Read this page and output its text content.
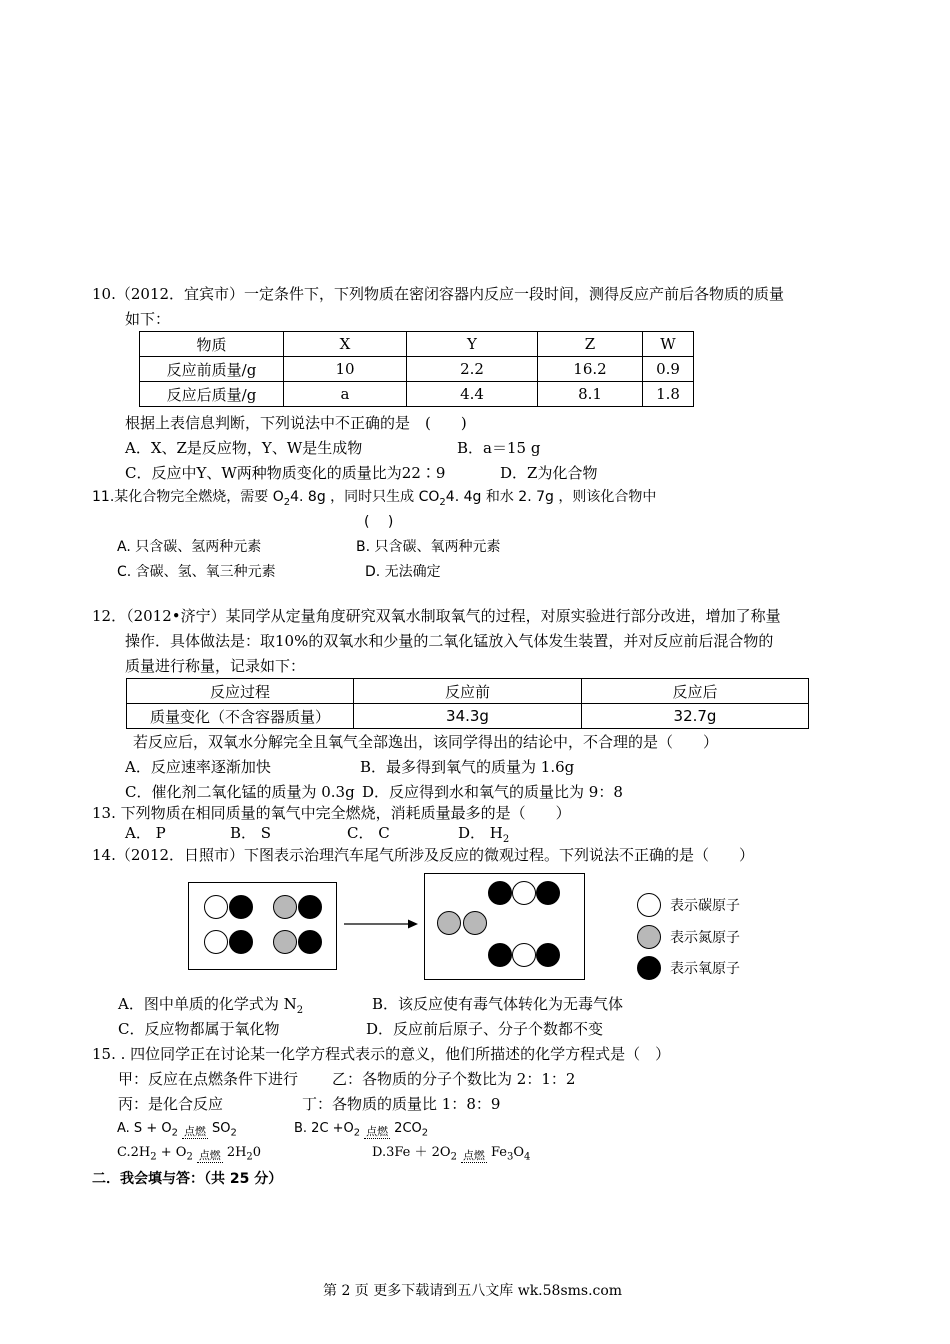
10.（2012．宜宾市）一定条件下，下列物质在密闭容器内反应一段时间，测得反应产前后各物质的质量
如下：
物质	X	Y	Z	W
反应前质量/g	10	2.2	16.2	0.9
反应后质量/g	a	4.4	8.1	1.8
根据上表信息判断，下列说法中不正确的是　(　　)
A．X、Z是反应物，Y、W是生成物	B．a＝15 g
C．反应中Y、W两种物质变化的质量比为22∶9	D．Z为化合物
11.某化合物完全燃烧，需要 $O_24$. 8g ，同时只生成 $CO_24$. 4g 和水 2. 7g ，则该化合物中
(　 )
A. 只含碳、氢两种元素	B. 只含碳、氧两种元素
C. 含碳、氢、氧三种元素	D. 无法确定
12．（2012•济宁）某同学从定量角度研究双氧水制取氧气的过程，对原实验进行部分改进，增加了称量
操作．具体做法是：取10%的双氧水和少量的二氧化锰放入气体发生装置，并对反应前后混合物的
质量进行称量，记录如下：
反应过程	反应前	反应后
质量变化（不含容器质量）	34.3g	32.7g
若反应后，双氧水分解完全且氧气全部逸出，该同学得出的结论中，不合理的是（　　）
A．反应速率逐渐加快	B．最多得到氧气的质量为 1.6g
C．催化剂二氧化锰的质量为 0.3g D．反应得到水和氧气的质量比为 9：8
13. 下列物质在相同质量的氧气中完全燃烧，消耗质量最多的是（　　）
A． P	B． S	C． C	D． $H_2$
14.（2012．日照市）下图表示治理汽车尾气所涉及反应的微观过程。下列说法不正确的是（　　）
表示碳原子
表示氮原子
表示氧原子
A．图中单质的化学式为 $N_2$	B．该反应使有毒气体转化为无毒气体
C．反应物都属于氧化物	D．反应前后原子、分子个数都不变
15. . 四位同学正在讨论某一化学方程式表示的意义，他们所描述的化学方程式是（　）
甲：反应在点燃条件下进行 乙：各物质的分子个数比为 2：1：2
丙：是化合反应	丁：各物质的质量比 1：8：9
A. $S + O_2$ 点燃 $SO_2$	B. $2C +O_2$ 点燃 $2CO_2$
$C.2H_2 + O_2$ 点燃 $2H_20$	$D.3Fe + 2O_2$ 点燃 $Fe_3O_4$
二．我会填与答：（共 25 分）
第 2 页 更多下载请到五八文库 wk.58sms.com
